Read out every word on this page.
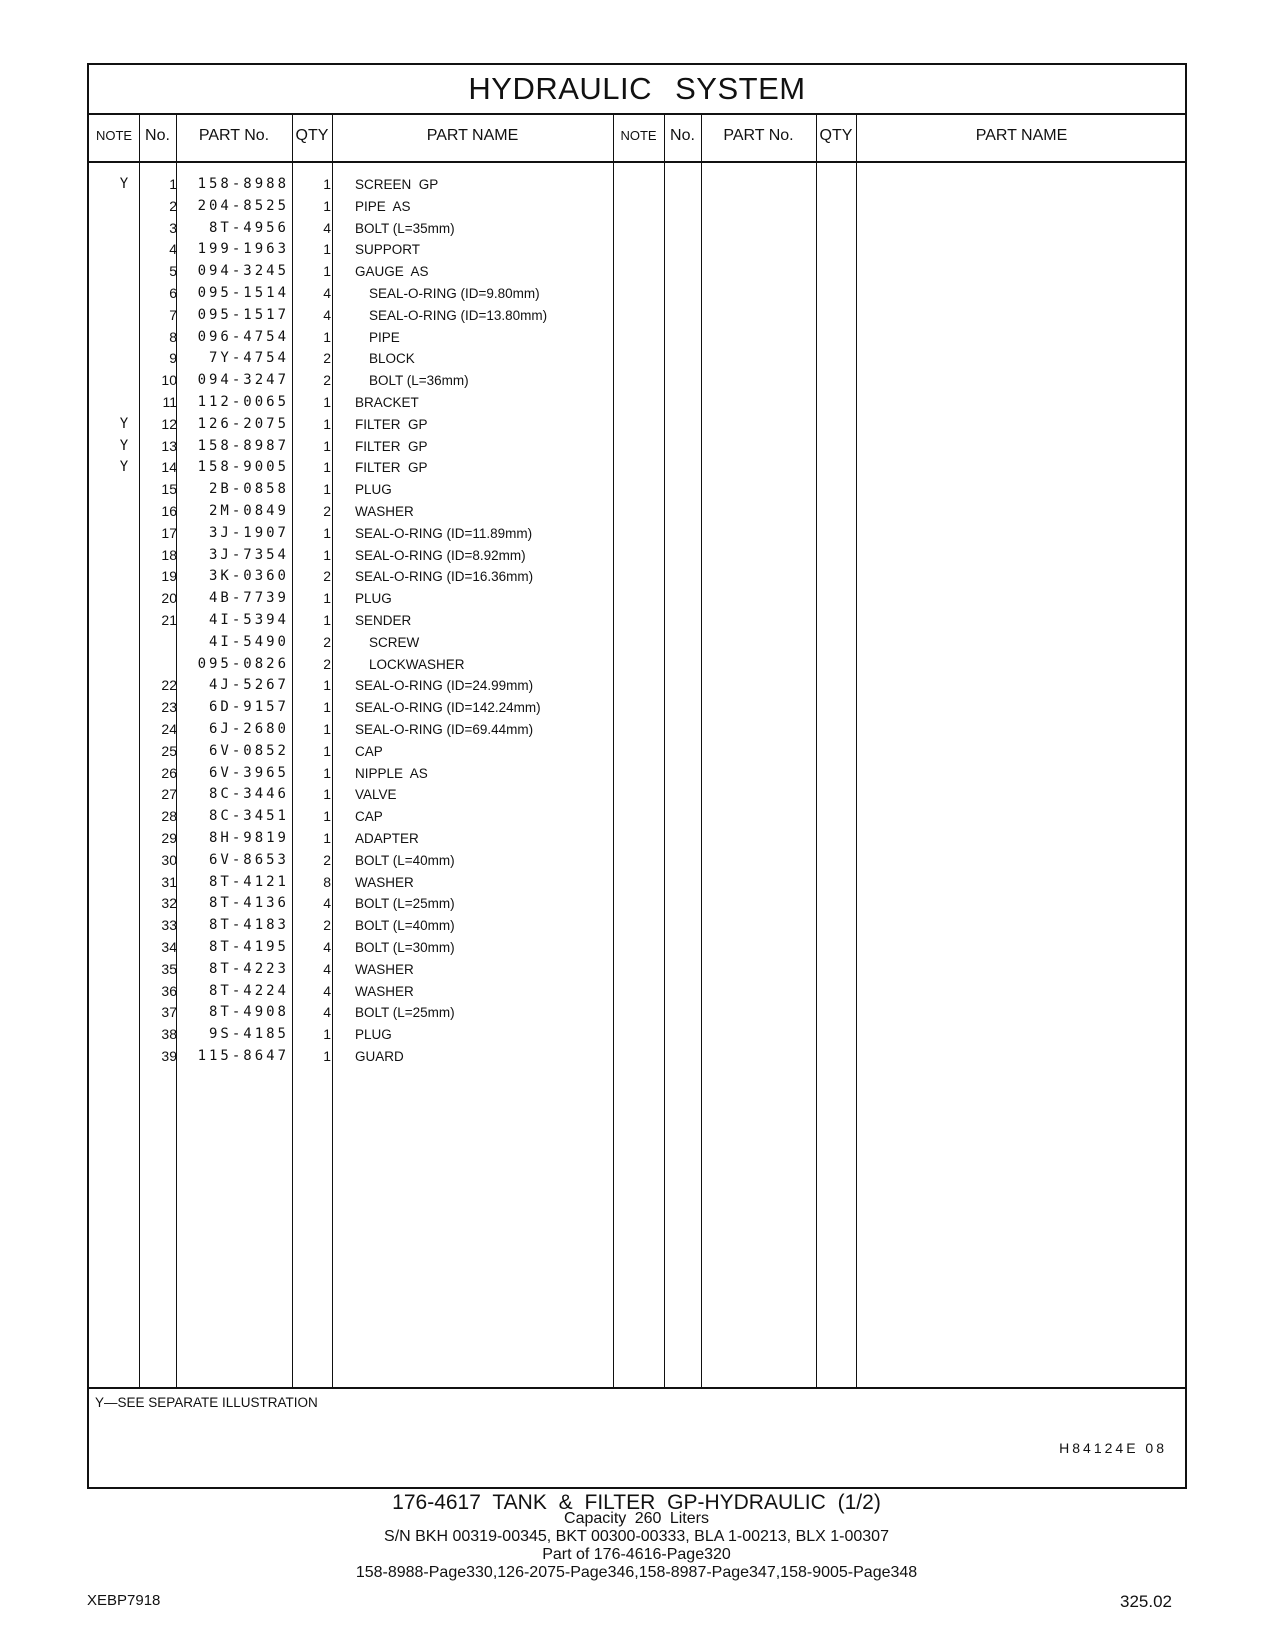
HYDRAULIC SYSTEM
NOTE No.	PART No.	QTY	PART NAME	NOTE No.	PART No.	QTY	PART NAME
Y	1	158-8988	1 SCREEN  GP
2	204-8525	1 PIPE  AS
3	8T-4956	4 BOLT (L=35mm)
4	199-1963	1 SUPPORT
5	094-3245	1 GAUGE  AS
6	095-1514	4	SEAL-O-RING (ID=9.80mm)
7	095-1517	4	SEAL-O-RING (ID=13.80mm)
8	096-4754	1	PIPE
9	7Y-4754	2	BLOCK
10	094-3247	2	BOLT (L=36mm)
11	112-0065	1 BRACKET
Y	12	126-2075	1 FILTER  GP
Y	13	158-8987	1 FILTER  GP
Y	14	158-9005	1 FILTER  GP
15	2B-0858	1 PLUG
16	2M-0849	2 WASHER
17	3J-1907	1 SEAL-O-RING (ID=11.89mm)
18	3J-7354	1 SEAL-O-RING (ID=8.92mm)
19	3K-0360	2 SEAL-O-RING (ID=16.36mm)
20	4B-7739	1 PLUG
21	4I-5394	1 SENDER
4I-5490	2	SCREW
095-0826	2	LOCKWASHER
22	4J-5267	1 SEAL-O-RING (ID=24.99mm)
23	6D-9157	1 SEAL-O-RING (ID=142.24mm)
24	6J-2680	1 SEAL-O-RING (ID=69.44mm)
25	6V-0852	1 CAP
26	6V-3965	1 NIPPLE  AS
27	8C-3446	1 VALVE
28	8C-3451	1 CAP
29	8H-9819	1 ADAPTER
30	6V-8653	2 BOLT (L=40mm)
31	8T-4121	8 WASHER
32	8T-4136	4 BOLT (L=25mm)
33	8T-4183	2 BOLT (L=40mm)
34	8T-4195	4 BOLT (L=30mm)
35	8T-4223	4 WASHER
36	8T-4224	4 WASHER
37	8T-4908	4 BOLT (L=25mm)
38	9S-4185	1 PLUG
39	115-8647	1 GUARD
Y—SEE SEPARATE ILLUSTRATION
H84124E 08
176-4617 TANK & FILTER GP-HYDRAULIC (1/2)
Capacity 260 Liters
S/N BKH 00319-00345, BKT 00300-00333, BLA 1-00213, BLX 1-00307
Part of 176-4616-Page320
158-8988-Page330,126-2075-Page346,158-8987-Page347,158-9005-Page348
XEBP7918	325.02
